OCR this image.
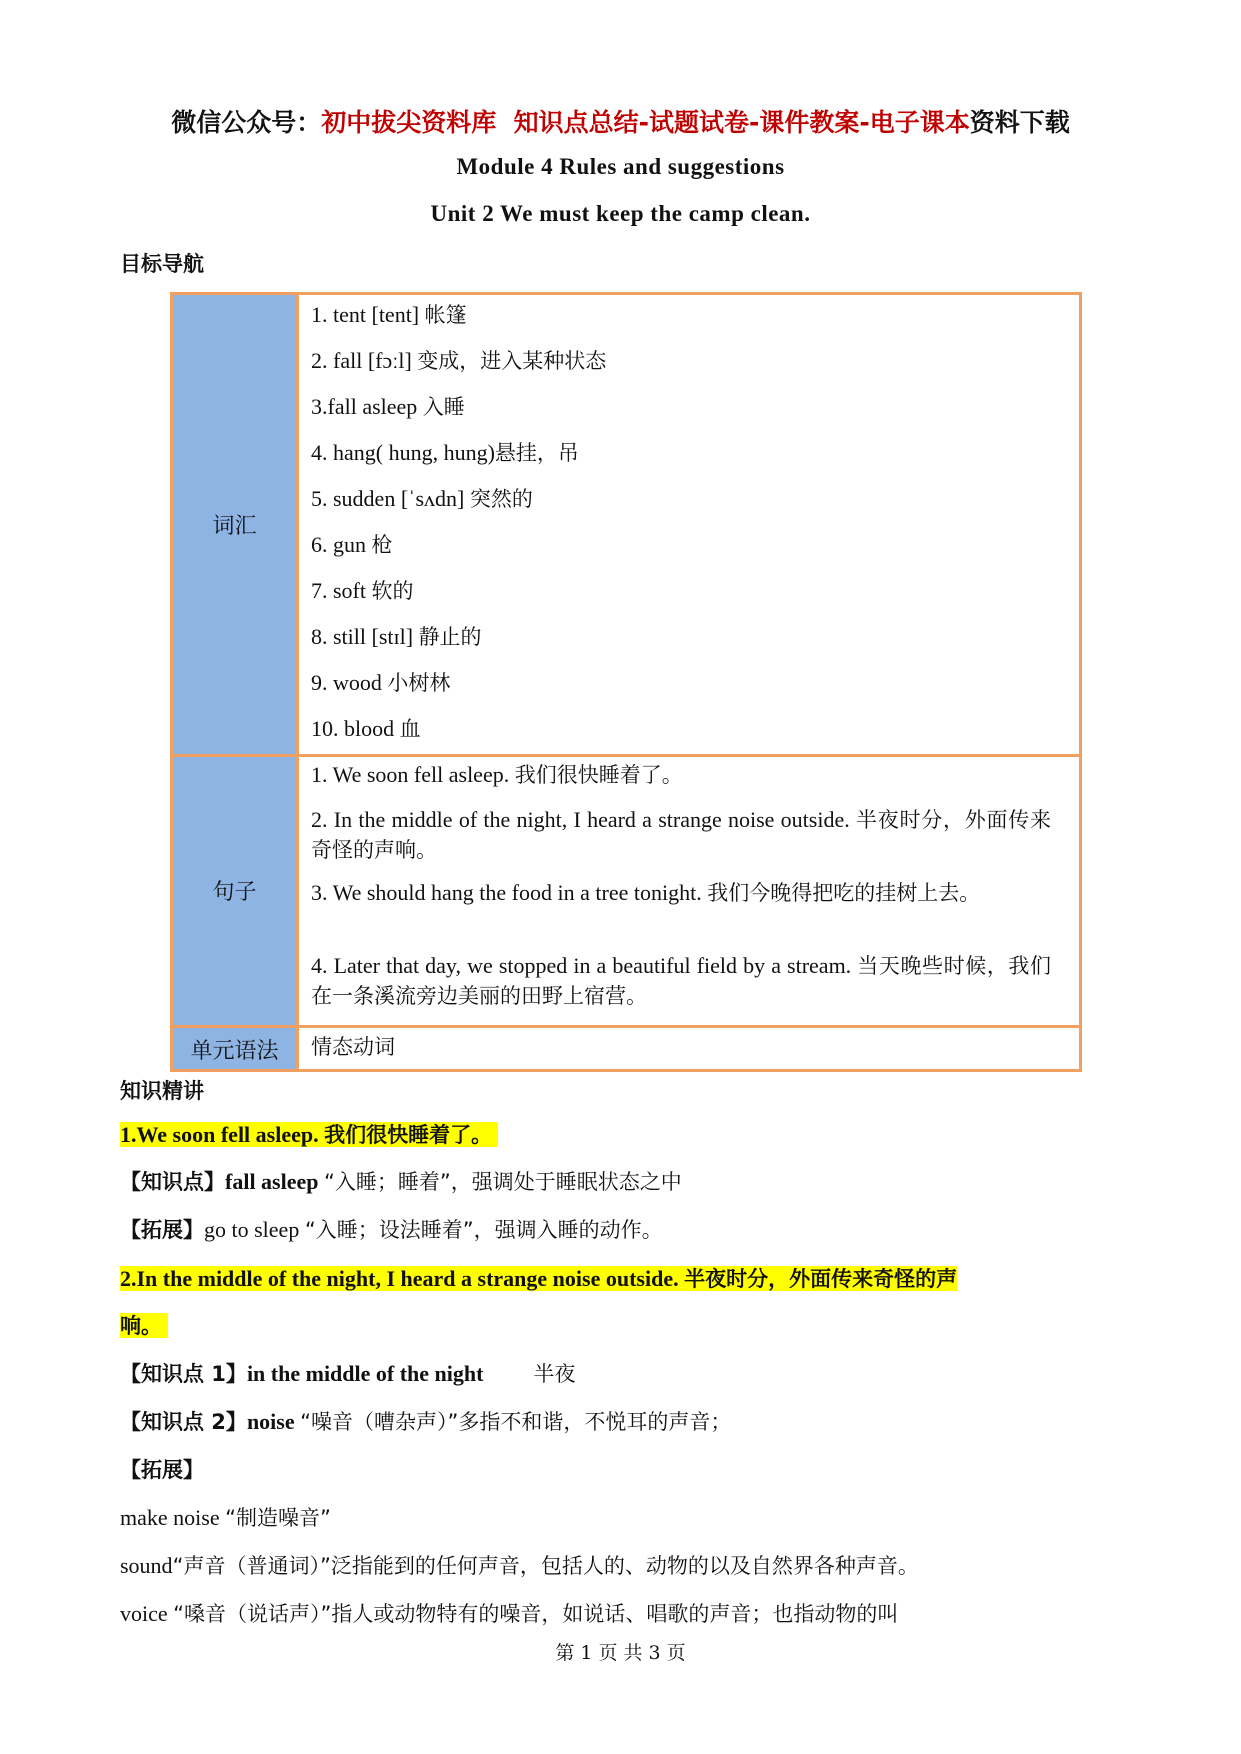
微信公众号：初中拔尖资料库 知识点总结-试题试卷-课件教案-电子课本资料下载
Module 4 Rules and suggestions
Unit 2 We must keep the camp clean.
目标导航
词汇
句子
单元语法
1. tent [tent] 帐篷
2. fall [fɔːl] 变成，进入某种状态
3.fall asleep 入睡
4. hang( hung, hung)悬挂，吊
5. sudden [ˈsʌdn] 突然的
6. gun 枪
7. soft 软的
8. still [stɪl] 静止的
9. wood 小树林
10. blood 血
1. We soon fell asleep. 我们很快睡着了。
2. In the middle of the night, I heard a strange noise outside. 半夜时分，外面传来奇怪的声响。
3. We should hang the food in a tree tonight. 我们今晚得把吃的挂树上去。
4. Later that day, we stopped in a beautiful field by a stream. 当天晚些时候，我们在一条溪流旁边美丽的田野上宿营。
情态动词
知识精讲
1.We soon fell asleep. 我们很快睡着了。
【知识点】fall asleep “入睡；睡着”，强调处于睡眠状态之中
【拓展】go to sleep “入睡；设法睡着”，强调入睡的动作。
2.In the middle of the night, I heard a strange noise outside. 半夜时分，外面传来奇怪的声
响。
【知识点 1】in the middle of the night 半夜
【知识点 2】noise “噪音（嘈杂声）”多指不和谐，不悦耳的声音；
【拓展】
make noise “制造噪音”
sound“声音（普通词）”泛指能到的任何声音，包括人的、动物的以及自然界各种声音。
voice “嗓音（说话声）”指人或动物特有的噪音，如说话、唱歌的声音；也指动物的叫
第 1 页 共 3 页
